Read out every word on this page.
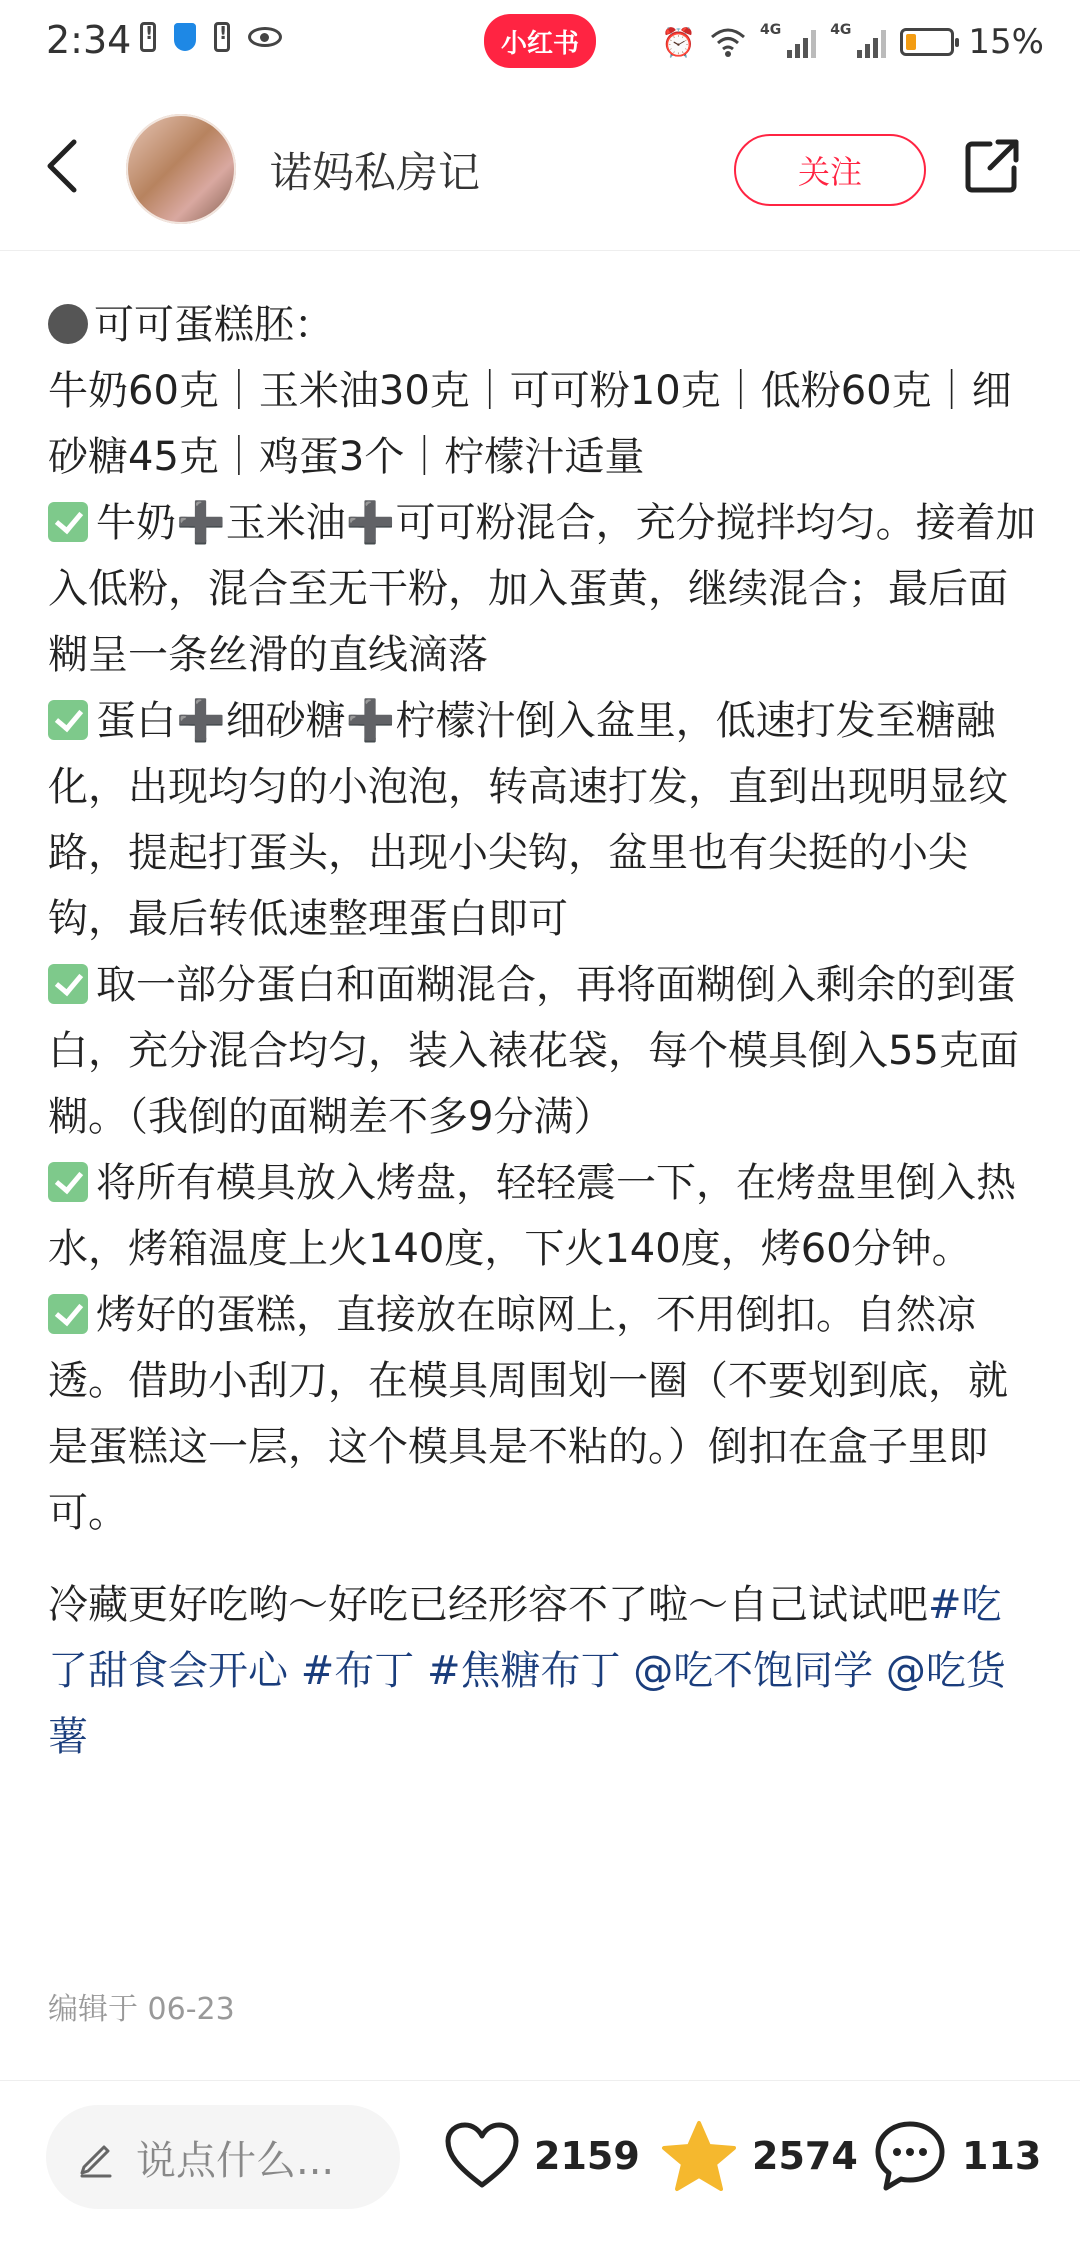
2:34 ! !	小红书	⏰	4G	4G	15%
诺妈私房记	关注
可可蛋糕胚：
牛奶60克｜玉米油30克｜可可粉10克｜低粉60克｜细砂糖45克｜鸡蛋3个｜柠檬汁适量
牛奶➕玉米油➕可可粉混合，充分搅拌均匀。接着加入低粉，混合至无干粉，加入蛋黄，继续混合；最后面糊呈一条丝滑的直线滴落
蛋白➕细砂糖➕柠檬汁倒入盆里，低速打发至糖融化，出现均匀的小泡泡，转高速打发，直到出现明显纹路，提起打蛋头，出现小尖钩，盆里也有尖挺的小尖钩，最后转低速整理蛋白即可
取一部分蛋白和面糊混合，再将面糊倒入剩余的到蛋白，充分混合均匀，装入裱花袋，每个模具倒入55克面糊。（我倒的面糊差不多9分满）
将所有模具放入烤盘，轻轻震一下，在烤盘里倒入热水，烤箱温度上火140度，下火140度，烤60分钟。
烤好的蛋糕，直接放在晾网上，不用倒扣。自然凉透。借助小刮刀，在模具周围划一圈（不要划到底，就是蛋糕这一层，这个模具是不粘的。）倒扣在盒子里即可。
冷藏更好吃哟～好吃已经形容不了啦～自己试试吧#吃了甜食会开心 #布丁 #焦糖布丁 @吃不饱同学 @吃货薯
编辑于 06-23
说点什么...	2159	2574	113
